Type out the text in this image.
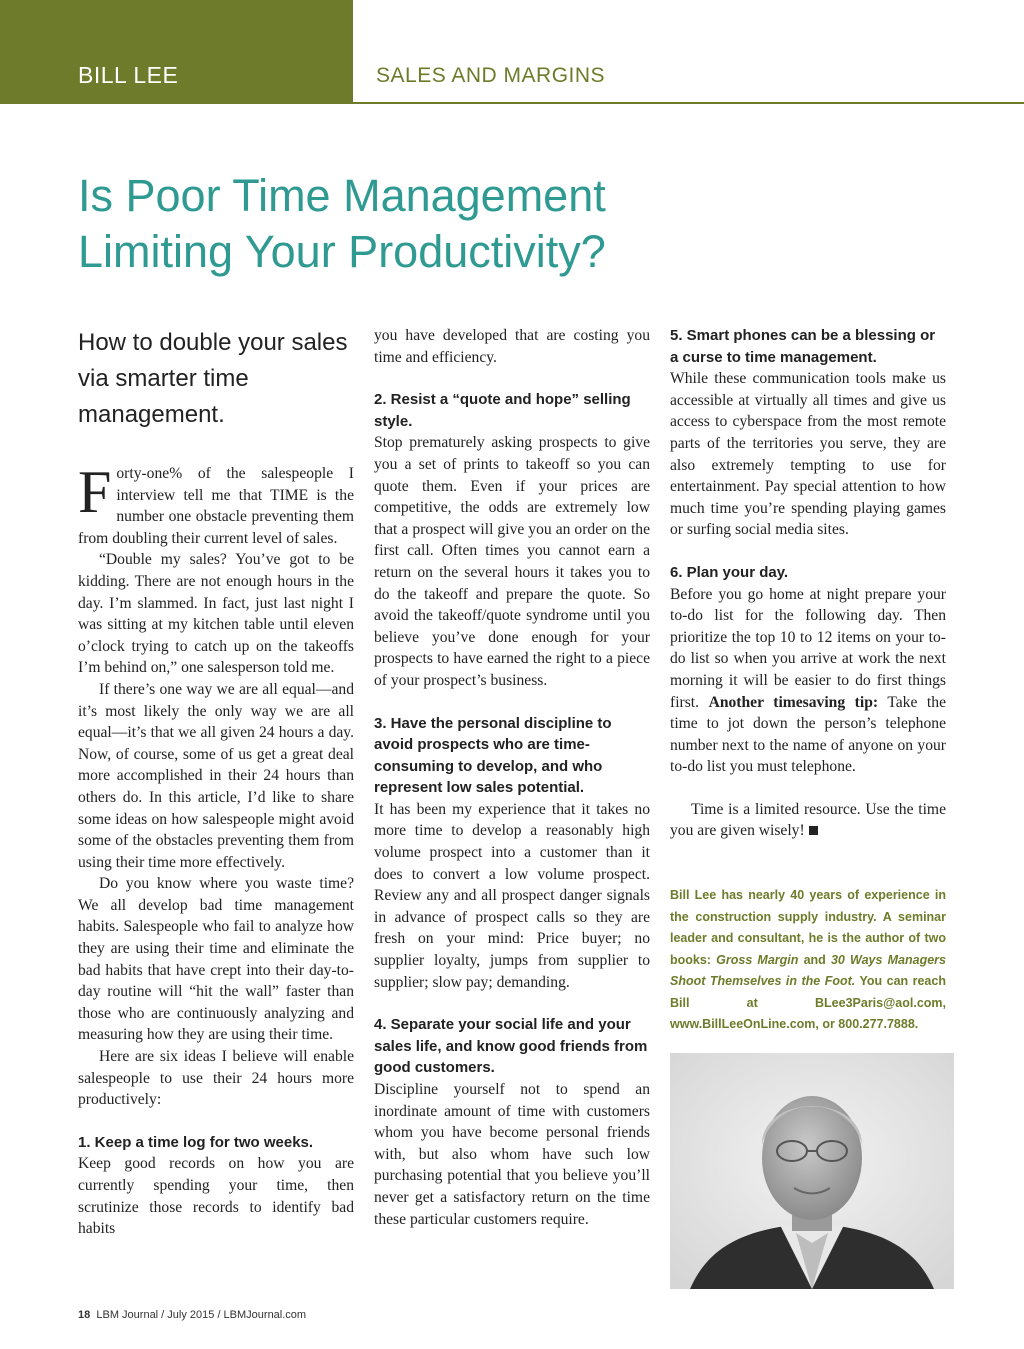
BILL LEE	SALES AND MARGINS
Is Poor Time Management
Limiting Your Productivity?
How to double your sales via smarter time management.

Forty-one% of the salespeople I interview tell me that TIME is the number one obstacle preventing them from doubling their current level of sales.

“Double my sales? You’ve got to be kidding. There are not enough hours in the day. I’m slammed. In fact, just last night I was sitting at my kitchen table until eleven o’clock trying to catch up on the takeoffs I’m behind on,” one salesperson told me.

If there’s one way we are all equal—and it’s most likely the only way we are all equal—it’s that we all given 24 hours a day. Now, of course, some of us get a great deal more accomplished in their 24 hours than others do. In this article, I’d like to share some ideas on how salespeople might avoid some of the obstacles preventing them from using their time more effectively.

Do you know where you waste time? We all develop bad time management habits. Salespeople who fail to analyze how they are using their time and eliminate the bad habits that have crept into their day-to-day routine will “hit the wall” faster than those who are continuously analyzing and measuring how they are using their time.

Here are six ideas I believe will enable salespeople to use their 24 hours more productively:

1. Keep a time log for two weeks.

Keep good records on how you are currently spending your time, then scrutinize those records to identify bad habits

you have developed that are costing you time and efficiency.

2. Resist a “quote and hope” selling style.

Stop prematurely asking prospects to give you a set of prints to takeoff so you can quote them. Even if your prices are competitive, the odds are extremely low that a prospect will give you an order on the first call. Often times you cannot earn a return on the several hours it takes you to do the takeoff and prepare the quote. So avoid the takeoff/quote syndrome until you believe you’ve done enough for your prospects to have earned the right to a piece of your prospect’s business.

3. Have the personal discipline to avoid prospects who are time-consuming to develop, and who represent low sales potential.

It has been my experience that it takes no more time to develop a reasonably high volume prospect into a customer than it does to convert a low volume prospect. Review any and all prospect danger signals in advance of prospect calls so they are fresh on your mind: Price buyer; no supplier loyalty, jumps from supplier to supplier; slow pay; demanding.

4. Separate your social life and your sales life, and know good friends from good customers.

Discipline yourself not to spend an inordinate amount of time with customers whom you have become personal friends with, but also whom have such low purchasing potential that you believe you’ll never get a satisfactory return on the time these particular customers require.

5. Smart phones can be a blessing or a curse to time management.

While these communication tools make us accessible at virtually all times and give us access to cyberspace from the most remote parts of the territories you serve, they are also extremely tempting to use for entertainment. Pay special attention to how much time you’re spending playing games or surfing social media sites.

6. Plan your day.

Before you go home at night prepare your to-do list for the following day. Then prioritize the top 10 to 12 items on your to-do list so when you arrive at work the next morning it will be easier to do first things first. Another timesaving tip: Take the time to jot down the person’s telephone number next to the name of anyone on your to-do list you must telephone.

Time is a limited resource. Use the time you are given wisely!

Bill Lee has nearly 40 years of experience in the construction supply industry. A seminar leader and consultant, he is the author of two books: Gross Margin and 30 Ways Managers Shoot Themselves in the Foot. You can reach Bill at BLee3Paris@aol.com, www.BillLeeOnLine.com, or 800.277.7888.

18 LBM Journal / July 2015 / LBMJournal.com
